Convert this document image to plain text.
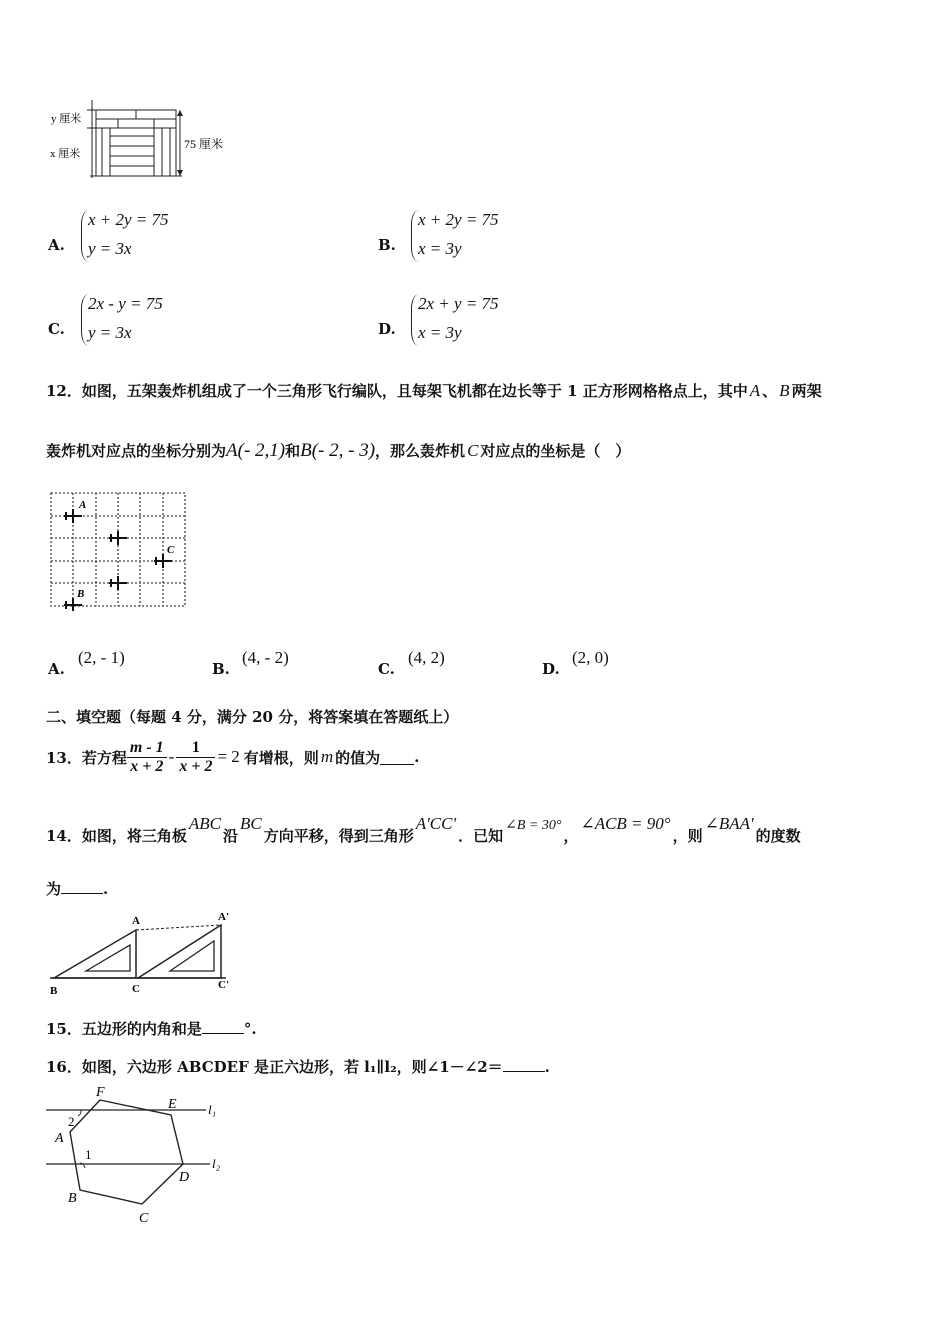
y 厘米
x 厘米
75 厘米
A.
x + 2y = 75
y = 3x	B.
x + 2y = 75
x = 3y
C.
2x - y = 75
y = 3x	D.
2x + y = 75
x = 3y
12．如图，五架轰炸机组成了一个三角形飞行编队，且每架飞机都在边长等于 1 正方形网格格点上，其中 A 、 B 两架
轰炸机对应点的坐标分别为A(- 2,1)和B(- 2, - 3)，那么轰炸机 C 对应点的坐标是（　）
A
C
B
A.
(2, - 1)
B.
(4, - 2)
C.
(4, 2)
D.
(2, 0)
二、填空题（每题 4 分，满分 20 分，将答案填在答题纸上）
13．若方程 $\frac{m - 1}{x + 2} - \frac{1}{x + 2} = 2$ 有增根，则 m 的值为 .
14．如图，将三角板
ABC
沿
BC
方向平移，得到三角形
A'CC'
．已知
∠B = 30°
，
∠ACB = 90°
，则
∠BAA'
的度数
为	.
A	A'
B	C	C'
15．五边形的内角和是	°.
16．如图，六边形 ABCDEF 是正六边形，若 l₁∥l₂，则∠1－∠2＝	.
F
E l₁
2
A
1
l₂
D
B
C
